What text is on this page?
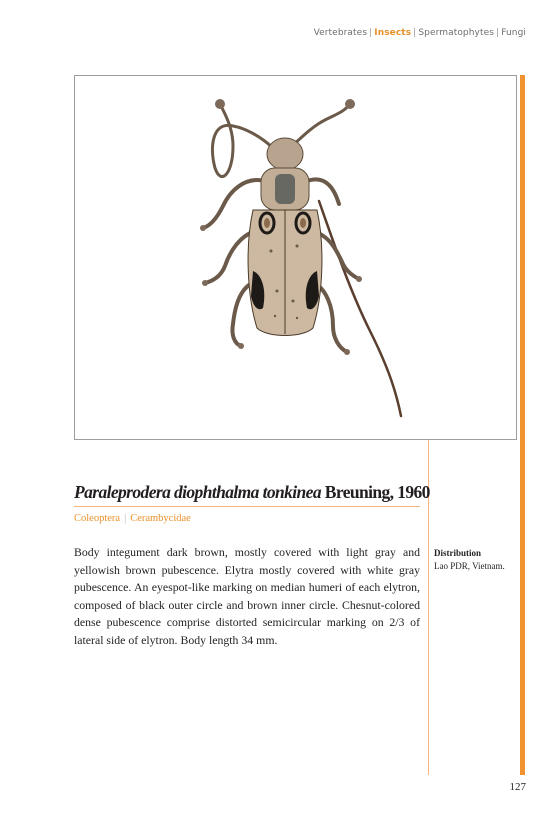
Vertebrates | Insects | Spermatophytes | Fungi
Paraleprodera diophthalma tonkinea Breuning, 1960
Coleoptera | Cerambycidae

Body integument dark brown, mostly covered with light gray and yellowish brown pubescence. Elytra mostly covered with white gray pubescence. An eyespot-like marking on median humeri of each elytron, composed of black outer circle and brown inner circle. Chesnut-colored dense pubescence comprise distorted semicircular marking on 2/3 of lateral side of elytron. Body length 34 mm.

Distribution
Lao PDR, Vietnam.
127
